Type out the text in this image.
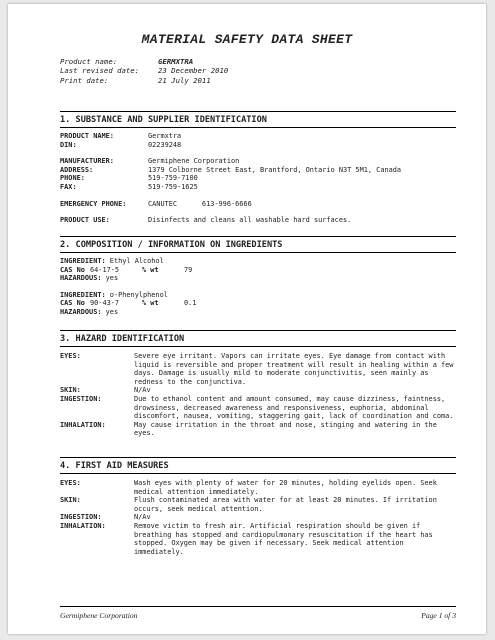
MATERIAL SAFETY DATA SHEET
Product name:	GERMXTRA
Last revised date:	23 December 2010
Print date:	21 July 2011
1. SUBSTANCE AND SUPPLIER IDENTIFICATION
PRODUCT NAME:	Germxtra
DIN:	02239248
MANUFACTURER:	Germiphene Corporation
ADDRESS:	1379 Colborne Street East, Brantford, Ontario N3T 5M1, Canada
PHONE:	519-759-7100
FAX:	519-759-1625
EMERGENCY PHONE:	CANUTEC      613-996-6666
PRODUCT USE:	Disinfects and cleans all washable hard surfaces.
2. COMPOSITION / INFORMATION ON INGREDIENTS
INGREDIENT: Ethyl Alcohol
CAS No 64-17-5	% wt	79
HAZARDOUS: yes
INGREDIENT: o-Phenylphenol
CAS No 90-43-7	% wt	0.1
HAZARDOUS: yes
3. HAZARD IDENTIFICATION
EYES:	Severe eye irritant. Vapors can irritate eyes. Eye damage from contact with liquid is reversible and proper treatment will result in healing within a few days. Damage is usually mild to moderate conjunctivitis, seen mainly as redness to the conjunctiva.
SKIN:	N/Av
INGESTION:	Due to ethanol content and amount consumed, may cause dizziness, faintness, drowsiness, decreased awareness and responsiveness, euphoria, abdominal discomfort, nausea, vomiting, staggering gait, lack of coordination and coma.
INHALATION:	May cause irritation in the throat and nose, stinging and watering in the eyes.
4. FIRST AID MEASURES
EYES:	Wash eyes with plenty of water for 20 minutes, holding eyelids open. Seek medical attention immediately.
SKIN:	Flush contaminated area with water for at least 20 minutes. If irritation occurs, seek medical attention.
INGESTION:	N/Av
INHALATION:	Remove victim to fresh air. Artificial respiration should be given if breathing has stopped and cardiopulmonary resuscitation if the heart has stopped. Oxygen may be given if necessary. Seek medical attention immediately.
Germiphene Corporation	Page 1 of 3
